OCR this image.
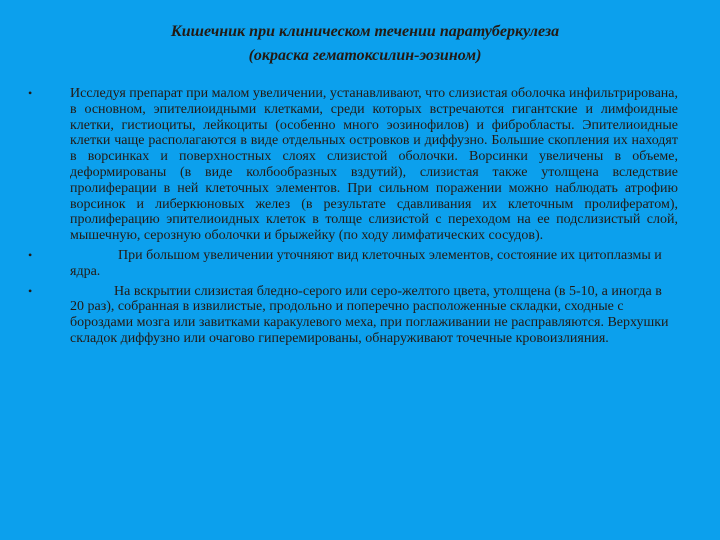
Кишечник при клиническом течении паратуберкулеза
(окраска гематоксилин-эозином)
•	Исследуя препарат при малом увеличении, устанавливают, что слизистая оболочка инфильтрирована, в основном, эпителиоидными клетками, среди которых встречаются гигантские и лимфоидные клетки, гистиоциты, лейкоциты (особенно много эозинофилов) и фибробласты. Эпителиоидные клетки чаще располагаются в виде отдельных островков и диффузно. Большие скопления их находят в ворсинках и поверхностных слоях слизистой оболочки. Ворсинки увеличены в объеме, деформированы (в виде колбообразных вздутий), слизистая также утолщена вследствие пролиферации в ней клеточных элементов. При сильном поражении можно наблюдать атрофию ворсинок и либеркюновых желез (в результате сдавливания их клеточным пролифератом), пролиферацию эпителиоидных клеток в толще слизистой с переходом на ее подслизистый слой, мышечную, серозную оболочки и брыжейку (по ходу лимфатических сосудов).
•	При большом увеличении уточняют вид клеточных элементов, состояние их цитоплазмы и ядра.
•	На вскрытии слизистая бледно-серого или серо-желтого цвета, утолщена (в 5-10, а иногда в 20 раз), собранная в извилистые, продольно и поперечно расположенные складки, сходные с бороздами мозга или завитками каракулевого меха, при поглаживании не расправляются. Верхушки складок диффузно или очагово гиперемированы, обнаруживают точечные кровоизлияния.
